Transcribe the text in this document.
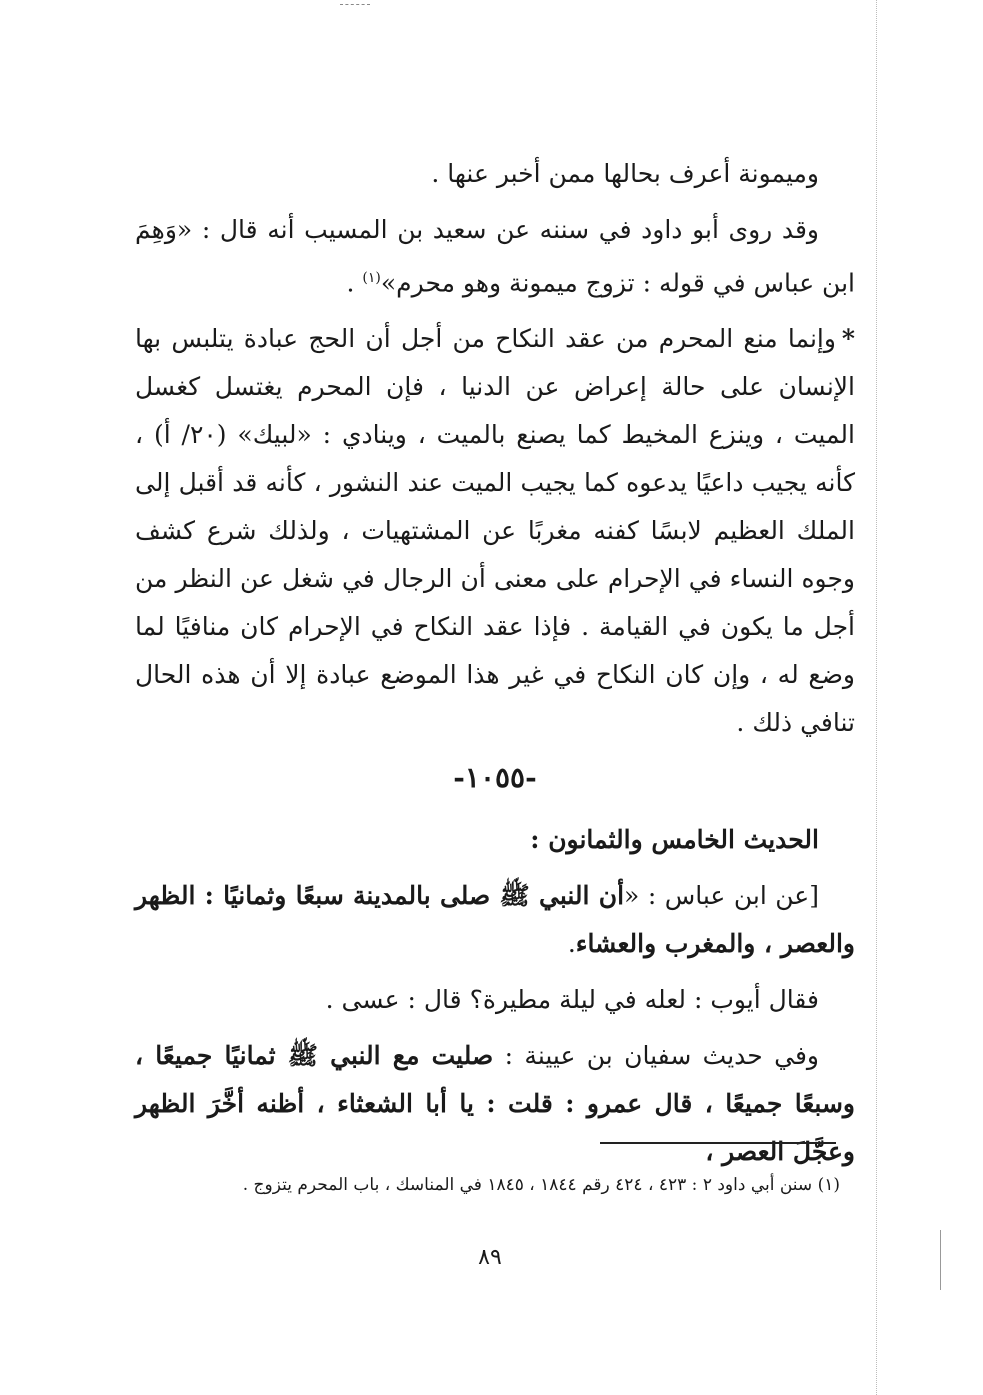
وميمونة أعرف بحالها ممن أخبر عنها .

وقد روى أبو داود في سننه عن سعيد بن المسيب أنه قال : «وَهِمَ ابن عباس في قوله : تزوج ميمونة وهو محرم»$^{(١)}$ .

*وإنما منع المحرم من عقد النكاح من أجل أن الحج عبادة يتلبس بها الإنسان على حالة إعراض عن الدنيا ، فإن المحرم يغتسل كغسل الميت ، وينزع المخيط كما يصنع بالميت ، وينادي : «لبيك» (٢٠/ أ) ، كأنه يجيب داعيًا يدعوه كما يجيب الميت عند النشور ، كأنه قد أقبل إلى الملك العظيم لابسًا كفنه مغربًا عن المشتهيات ، ولذلك شرع كشف وجوه النساء في الإحرام على معنى أن الرجال في شغل عن النظر من أجل ما يكون في القيامة . فإذا عقد النكاح في الإحرام كان منافيًا لما وضع له ، وإن كان النكاح في غير هذا الموضع عبادة إلا أن هذه الحال تنافي ذلك .

-١٠٥٥-

الحديث الخامس والثمانون :

[عن ابن عباس : «أن النبي ﷺ صلى بالمدينة سبعًا وثمانيًا : الظهر والعصر ، والمغرب والعشاء.

فقال أيوب : لعله في ليلة مطيرة؟ قال : عسى .

وفي حديث سفيان بن عيينة : صليت مع النبي ﷺ ثمانيًا جميعًا ، وسبعًا جميعًا ، قال عمرو : قلت : يا أبا الشعثاء ، أظنه أخَّرَ الظهر وعجَّلَ العصر ،

(١) سنن أبي داود ٢ : ٤٢٣ ، ٤٢٤ رقم ١٨٤٤ ، ١٨٤٥ في المناسك ، باب المحرم يتزوج .
٨٩
